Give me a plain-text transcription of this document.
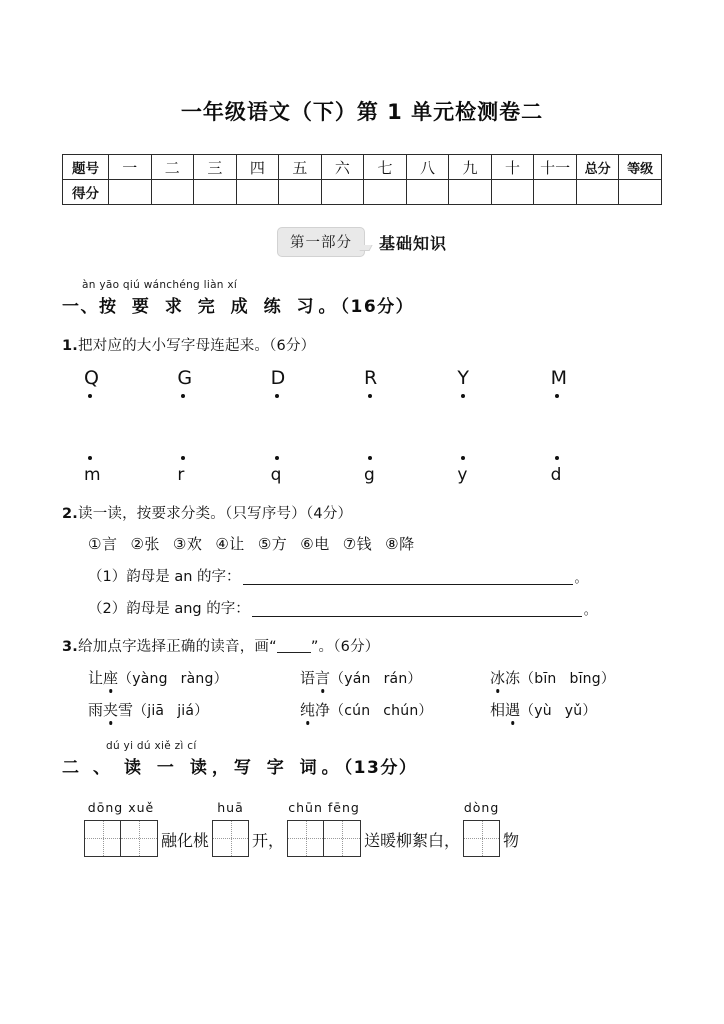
一年级语文（下）第 1 单元检测卷二
题号	一	二	三	四	五	六	七	八	九	十	十一	总分	等级
得分													
第一部分	基础知识
àn yāo qiú wánchéng liàn xí
一、按 要 求 完 成 练 习。（16分）
1.把对应的大小写字母连起来。（6分）
Q	G	D	R	Y	M
m	r	q	g	y	d
2.读一读，按要求分类。（只写序号）（4分）
①言 ②张 ③欢 ④让 ⑤方 ⑥电 ⑦钱 ⑧降
（1）韵母是 an 的字：	。
（2）韵母是 ang 的字：	。
3.给加点字选择正确的读音，画“ ”。（6分）
让 座 （yàng ràng）	语 言 （yán rán）	冰 冻 （bīn bīng）
雨 夹 雪 （jiā jiá）	纯 净 （cún chún）	相 遇 （yù yǔ）
dú yi dú xiě zì cí
二、读 一 读，写 字 词。（13分）
dōng xuě
融化桃
huā
开，
chūn fēng
送暖柳絮白，
dòng
物
